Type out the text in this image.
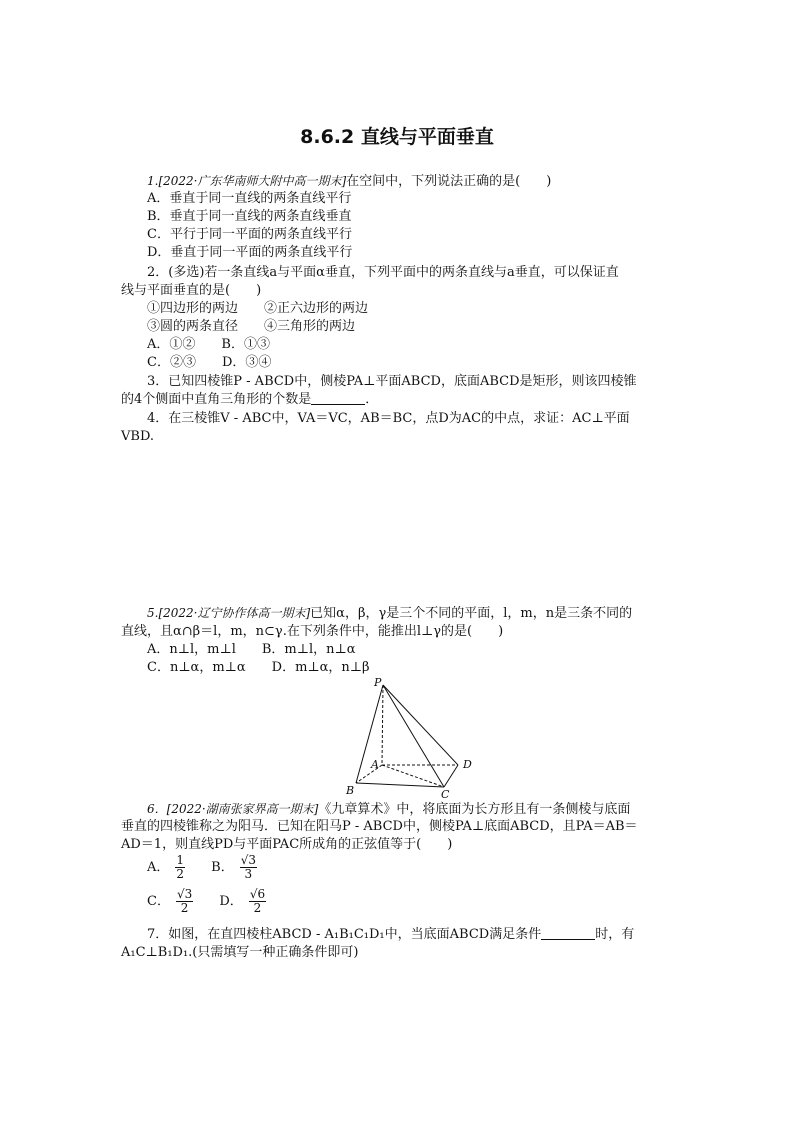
8.6.2 直线与平面垂直
1.[2022·广东华南师大附中高一期末]在空间中，下列说法正确的是(　　)
A．垂直于同一直线的两条直线平行
B．垂直于同一直线的两条直线垂直
C．平行于同一平面的两条直线平行
D．垂直于同一平面的两条直线平行
2．(多选)若一条直线a与平面α垂直，下列平面中的两条直线与a垂直，可以保证直
线与平面垂直的是(　　)
①四边形的两边　　②正六边形的两边
③圆的两条直径　　④三角形的两边
A．①②　　B．①③
C．②③　　D．③④
3．已知四棱锥P - ABCD中，侧棱PA⊥平面ABCD，底面ABCD是矩形，则该四棱锥
的4个侧面中直角三角形的个数是	．
4．在三棱锥V - ABC中，VA＝VC，AB＝BC，点D为AC的中点，求证：AC⊥平面
VBD.
5.[2022·辽宁协作体高一期末]已知α，β，γ是三个不同的平面，l，m，n是三条不同的
直线，且α∩β＝l，m，n⊂γ.在下列条件中，能推出l⊥γ的是(　　)
A．n⊥l，m⊥l　　B．m⊥l，n⊥α
C．n⊥α，m⊥α　　D．m⊥α，n⊥β
P
A
B	C
D
6．[2022·湖南张家界高一期末]《九章算术》中，将底面为长方形且有一条侧棱与底面
垂直的四棱锥称之为阳马．已知在阳马P - ABCD中，侧棱PA⊥底面ABCD，且PA＝AB＝
AD＝1，则直线PD与平面PAC所成角的正弦值等于(　　)
A． $\frac{1}{2}$ B． $\frac{√3}{3}$
C． $\frac{√3}{2}$ D． $\frac{√6}{2}$
7．如图，在直四棱柱ABCD - A₁B₁C₁D₁中，当底面ABCD满足条件	时，有
A₁C⊥B₁D₁.(只需填写一种正确条件即可)
